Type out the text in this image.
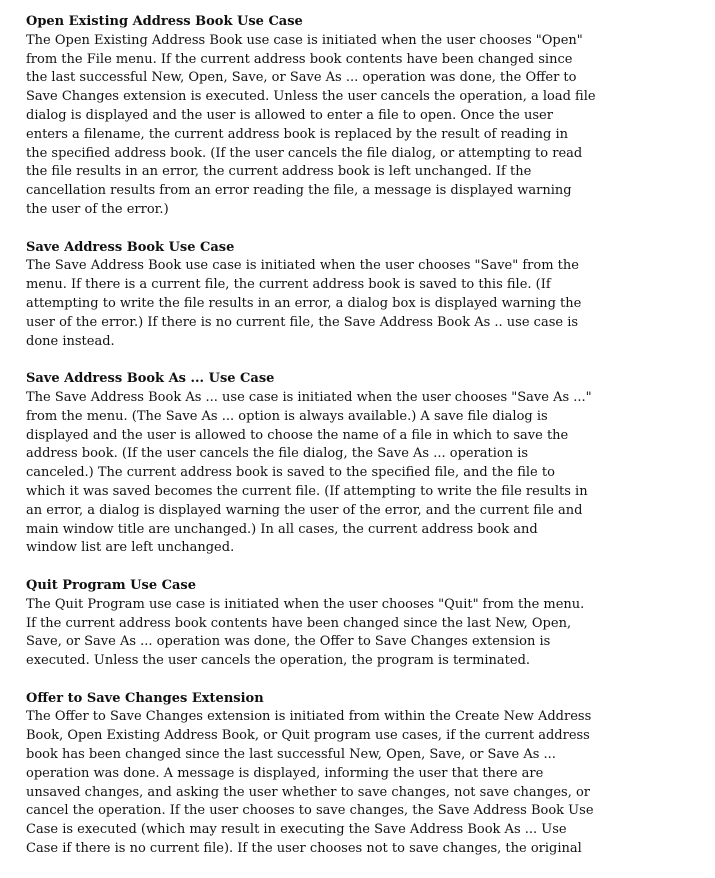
Open Existing Address Book Use Case

The Open Existing Address Book use case is initiated when the user chooses "Open"
from the File menu. If the current address book contents have been changed since
the last successful New, Open, Save, or Save As ... operation was done, the Offer to
Save Changes extension is executed. Unless the user cancels the operation, a load file
dialog is displayed and the user is allowed to enter a file to open. Once the user
enters a filename, the current address book is replaced by the result of reading in
the specified address book. (If the user cancels the file dialog, or attempting to read
the file results in an error, the current address book is left unchanged. If the
cancellation results from an error reading the file, a message is displayed warning
the user of the error.)

Save Address Book Use Case

The Save Address Book use case is initiated when the user chooses "Save" from the
menu. If there is a current file, the current address book is saved to this file. (If
attempting to write the file results in an error, a dialog box is displayed warning the
user of the error.) If there is no current file, the Save Address Book As .. use case is
done instead.

Save Address Book As ... Use Case

The Save Address Book As ... use case is initiated when the user chooses "Save As ..."
from the menu. (The Save As ... option is always available.) A save file dialog is
displayed and the user is allowed to choose the name of a file in which to save the
address book. (If the user cancels the file dialog, the Save As ... operation is
canceled.) The current address book is saved to the specified file, and the file to
which it was saved becomes the current file. (If attempting to write the file results in
an error, a dialog is displayed warning the user of the error, and the current file and
main window title are unchanged.) In all cases, the current address book and
window list are left unchanged.

Quit Program Use Case

The Quit Program use case is initiated when the user chooses "Quit" from the menu.
If the current address book contents have been changed since the last New, Open,
Save, or Save As ... operation was done, the Offer to Save Changes extension is
executed. Unless the user cancels the operation, the program is terminated.

Offer to Save Changes Extension

The Offer to Save Changes extension is initiated from within the Create New Address
Book, Open Existing Address Book, or Quit program use cases, if the current address
book has been changed since the last successful New, Open, Save, or Save As ...
operation was done. A message is displayed, informing the user that there are
unsaved changes, and asking the user whether to save changes, not save changes, or
cancel the operation. If the user chooses to save changes, the Save Address Book Use
Case is executed (which may result in executing the Save Address Book As ... Use
Case if there is no current file). If the user chooses not to save changes, the original
